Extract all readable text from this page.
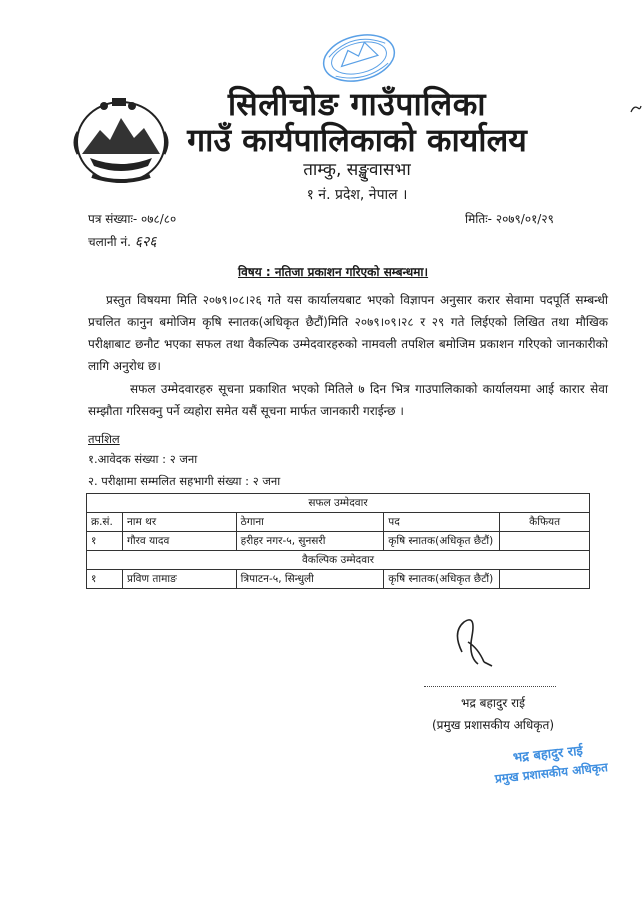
सिलीचोङ गाउँपालिका
गाउँ कार्यपालिकाको कार्यालय
ताम्कु, सङ्खुवासभा
१ नं. प्रदेश, नेपाल ।
पत्र संख्याः- ०७८/८०
चलानी नं. ६२६
मितिः- २०७९/०१/२९
विषय : नतिजा प्रकाशन गरिएको सम्बन्धमा।
प्रस्तुत विषयमा मिति २०७९।०८।२६ गते यस कार्यालयबाट भएको विज्ञापन अनुसार करार सेवामा पदपूर्ति सम्बन्धी प्रचलित कानुन बमोजिम कृषि स्नातक(अधिकृत छैटौं)मिति २०७९।०९।२८ र २९ गते लिईएको लिखित तथा मौखिक परीक्षाबाट छनौट भएका सफल तथा वैकल्पिक उम्मेदवारहरुको नामवली तपशिल बमोजिम प्रकाशन गरिएको जानकारीको लागि अनुरोध छ।
सफल उम्मेदवारहरु सूचना प्रकाशित भएको मितिले ७ दिन भित्र गाउपालिकाको कार्यालयमा आई कारार सेवा सम्झौता गरिसक्नु पर्ने व्यहोरा समेत यसैं सूचना मार्फत जानकारी गराईन्छ ।
तपशिल
१.आवेदक संख्या : २ जना
२. परीक्षामा सम्मलित सहभागी संख्या : २ जना
सफल उम्मेदवार				
क्र.सं.	नाम थर	ठेगाना	पद	कैफियत
१	गौरव यादव	हरीहर नगर-५, सुनसरी	कृषि स्नातक(अधिकृत छैटौं)	
वैकल्पिक उम्मेदवार				
१	प्रविण तामाङ	त्रिपाटन-५, सिन्धुली	कृषि स्नातक(अधिकृत छैटौं)	
भद्र बहादुर राई
(प्रमुख प्रशासकीय अधिकृत)
भद्र बहादुर राई
प्रमुख प्रशासकीय अधिकृत
